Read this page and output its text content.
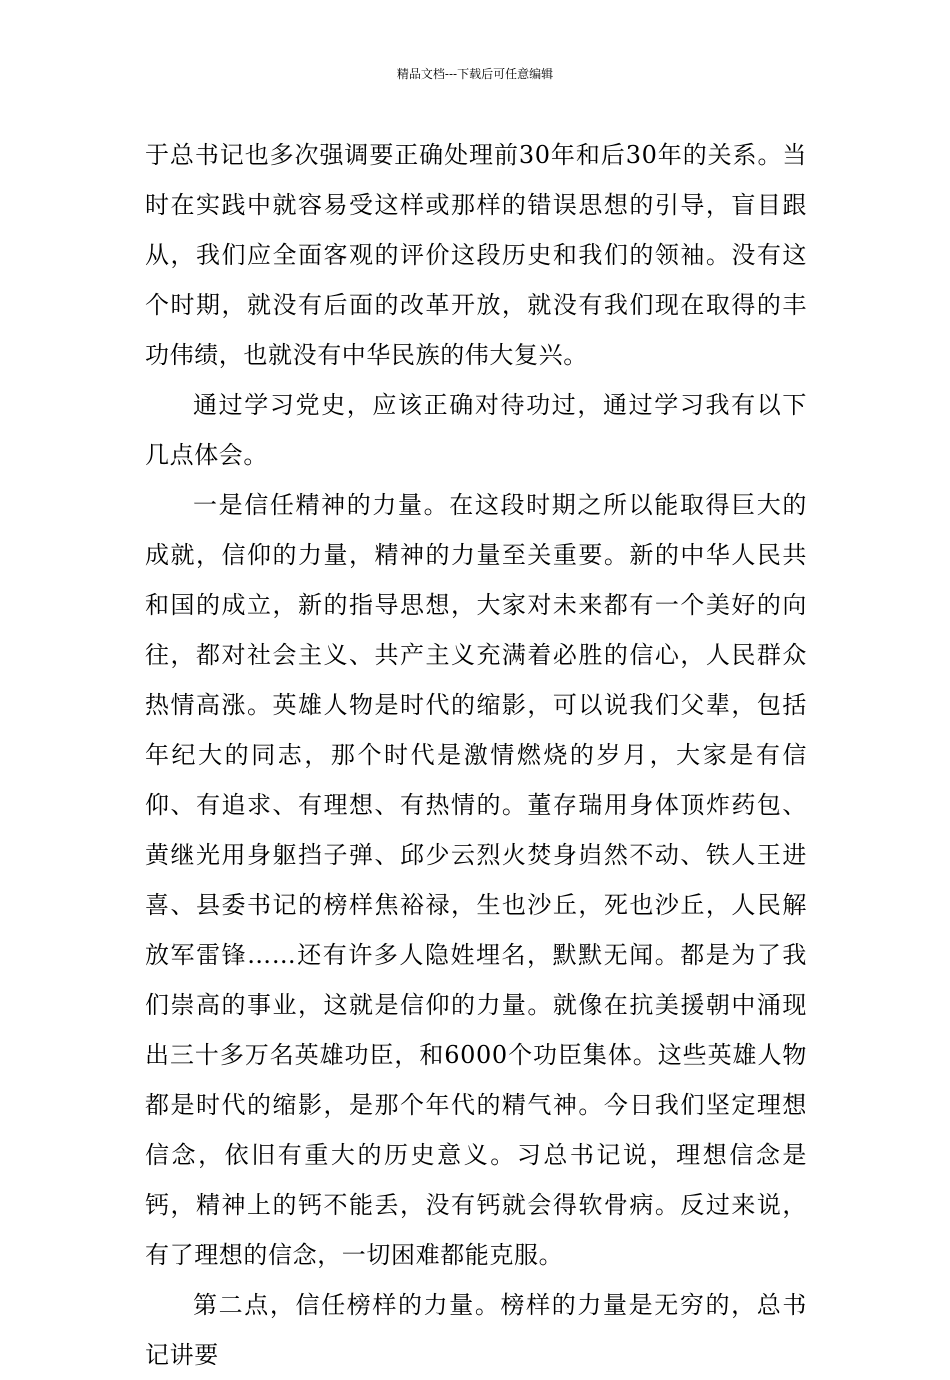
精品文档---下载后可任意编辑

于总书记也多次强调要正确处理前30年和后30年的关系。当时在实践中就容易受这样或那样的错误思想的引导，盲目跟从，我们应全面客观的评价这段历史和我们的领袖。没有这个时期，就没有后面的改革开放，就没有我们现在取得的丰功伟绩，也就没有中华民族的伟大复兴。

通过学习党史，应该正确对待功过，通过学习我有以下几点体会。

一是信任精神的力量。在这段时期之所以能取得巨大的成就，信仰的力量，精神的力量至关重要。新的中华人民共和国的成立，新的指导思想，大家对未来都有一个美好的向往，都对社会主义、共产主义充满着必胜的信心，人民群众热情高涨。英雄人物是时代的缩影，可以说我们父辈，包括年纪大的同志，那个时代是激情燃烧的岁月，大家是有信仰、有追求、有理想、有热情的。董存瑞用身体顶炸药包、黄继光用身躯挡子弹、邱少云烈火焚身岿然不动、铁人王进喜、县委书记的榜样焦裕禄，生也沙丘，死也沙丘，人民解放军雷锋……还有许多人隐姓埋名，默默无闻。都是为了我们崇高的事业，这就是信仰的力量。就像在抗美援朝中涌现出三十多万名英雄功臣，和6000个功臣集体。这些英雄人物都是时代的缩影，是那个年代的精气神。今日我们坚定理想信念，依旧有重大的历史意义。习总书记说，理想信念是钙，精神上的钙不能丢，没有钙就会得软骨病。反过来说，有了理想的信念，一切困难都能克服。

第二点，信任榜样的力量。榜样的力量是无穷的，总书记讲要
